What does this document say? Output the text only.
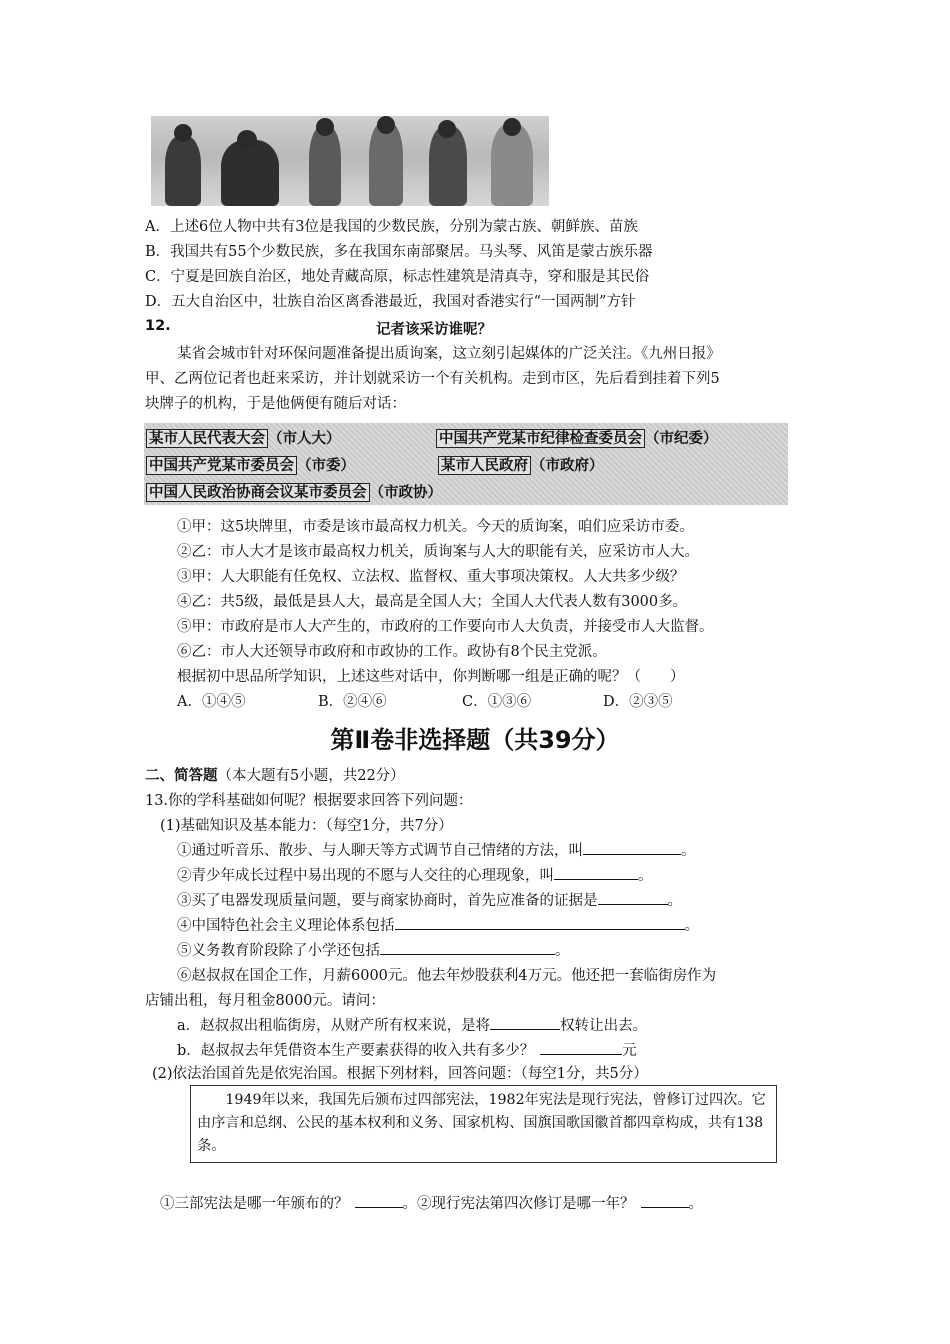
A．上述6位人物中共有3位是我国的少数民族，分别为蒙古族、朝鲜族、苗族
B．我国共有55个少数民族，多在我国东南部聚居。马头琴、风笛是蒙古族乐器
C．宁夏是回族自治区，地处青藏高原，标志性建筑是清真寺，穿和服是其民俗
D．五大自治区中，壮族自治区离香港最近，我国对香港实行“一国两制”方针
12.	记者该采访谁呢？
某省会城市针对环保问题准备提出质询案，这立刻引起媒体的广泛关注。《九州日报》
甲、乙两位记者也赶来采访，并计划就采访一个有关机构。走到市区，先后看到挂着下列5
块牌子的机构，于是他俩便有随后对话：
某市人民代表大会 （市人大）	中国共产党某市纪律检查委员会 （市纪委）
中国共产党某市委员会 （市委）	某市人民政府 （市政府）
中国人民政治协商会议某市委员会 （市政协）
①甲：这5块牌里，市委是该市最高权力机关。今天的质询案，咱们应采访市委。
②乙：市人大才是该市最高权力机关，质询案与人大的职能有关，应采访市人大。
③甲：人大职能有任免权、立法权、监督权、重大事项决策权。人大共多少级？
④乙：共5级，最低是县人大，最高是全国人大；全国人大代表人数有3000多。
⑤甲：市政府是市人大产生的，市政府的工作要向市人大负责，并接受市人大监督。
⑥乙：市人大还领导市政府和市政协的工作。政协有8个民主党派。
根据初中思品所学知识，上述这些对话中，你判断哪一组是正确的呢？（　　）
A．①④⑤	B．②④⑥	C．①③⑥	D．②③⑤
第Ⅱ卷非选择题（共39分）
二、简答题（本大题有5小题，共22分）
13.你的学科基础如何呢？根据要求回答下列问题：
(1)基础知识及基本能力：（每空1分，共7分）
①通过听音乐、散步、与人聊天等方式调节自己情绪的方法，叫	。
②青少年成长过程中易出现的不愿与人交往的心理现象，叫	。
③买了电器发现质量问题，要与商家协商时，首先应准备的证据是	。
④中国特色社会主义理论体系包括	。
⑤义务教育阶段除了小学还包括	。
⑥赵叔叔在国企工作，月薪6000元。他去年炒股获利4万元。他还把一套临街房作为
店铺出租，每月租金8000元。请问：
a．赵叔叔出租临街房，从财产所有权来说，是将	权转让出去。
b．赵叔叔去年凭借资本生产要素获得的收入共有多少？	元
(2)依法治国首先是依宪治国。根据下列材料，回答问题：（每空1分，共5分）
1949年以来，我国先后颁布过四部宪法，1982年宪法是现行宪法，曾修订过四次。它由序言和总纲、公民的基本权利和义务、国家机构、国旗国歌国徽首都四章构成，共有138条。
①三部宪法是哪一年颁布的？	。②现行宪法第四次修订是哪一年？	。
